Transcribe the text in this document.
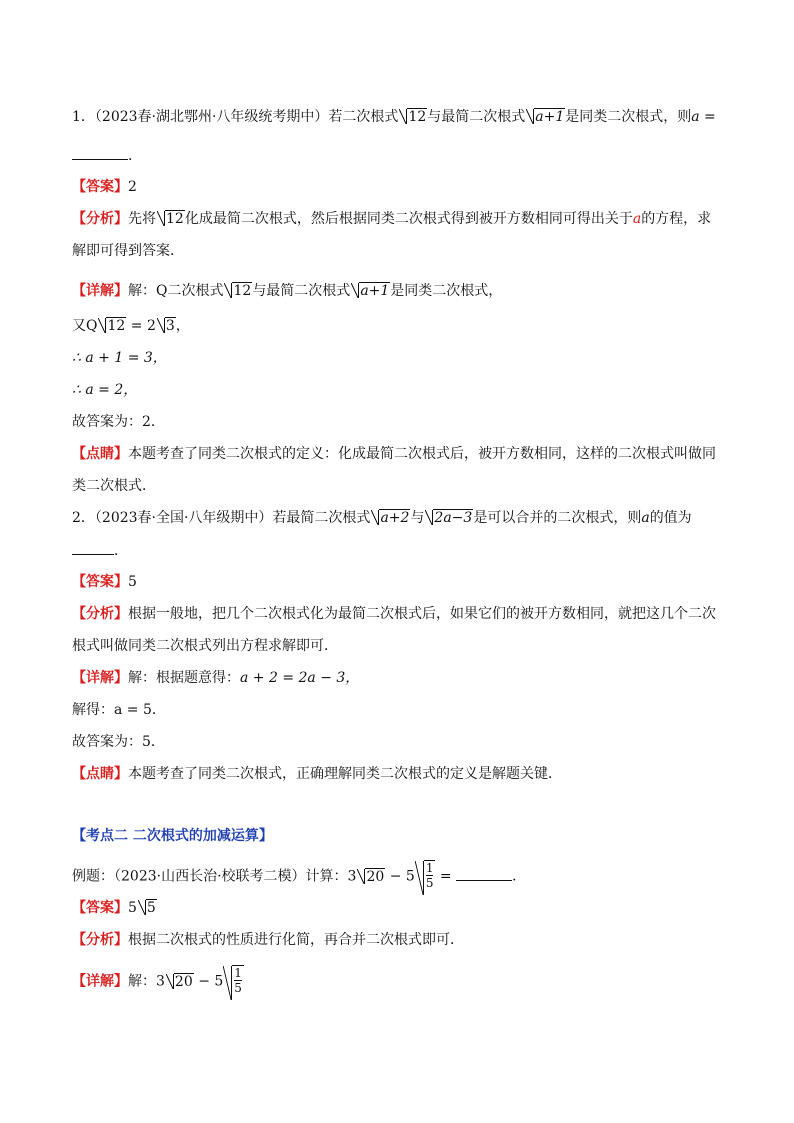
1．（2023春·湖北鄂州·八年级统考期中）若二次根式 12与最简二次根式 a+1是同类二次根式，则a =
．
【答案】2
【分析】先将 12化成最简二次根式，然后根据同类二次根式得到被开方数相同可得出关于a的方程，求
解即可得到答案．
【详解】解：Q二次根式 12与最简二次根式 a+1是同类二次根式，
又Q 12 = 2 3，
∴ a + 1 = 3，
∴ a = 2，
故答案为：2．
【点睛】本题考查了同类二次根式的定义：化成最简二次根式后，被开方数相同，这样的二次根式叫做同
类二次根式．
2．（2023春·全国·八年级期中）若最简二次根式 a+2与 2a−3是可以合并的二次根式，则a的值为
．
【答案】5
【分析】根据一般地，把几个二次根式化为最简二次根式后，如果它们的被开方数相同，就把这几个二次
根式叫做同类二次根式列出方程求解即可．
【详解】解：根据题意得：a + 2 = 2a − 3，
解得：a = 5．
故答案为：5．
【点睛】本题考查了同类二次根式，正确理解同类二次根式的定义是解题关键．
【考点二 二次根式的加减运算】
例题：（2023·山西长治·校联考二模）计算：3 $20 - 5 \frac{1}{5}$ =	．
【答案】5 5
【分析】根据二次根式的性质进行化简，再合并二次根式即可．
【详解】解：3 $20 - 5 \frac{1}{5}$
